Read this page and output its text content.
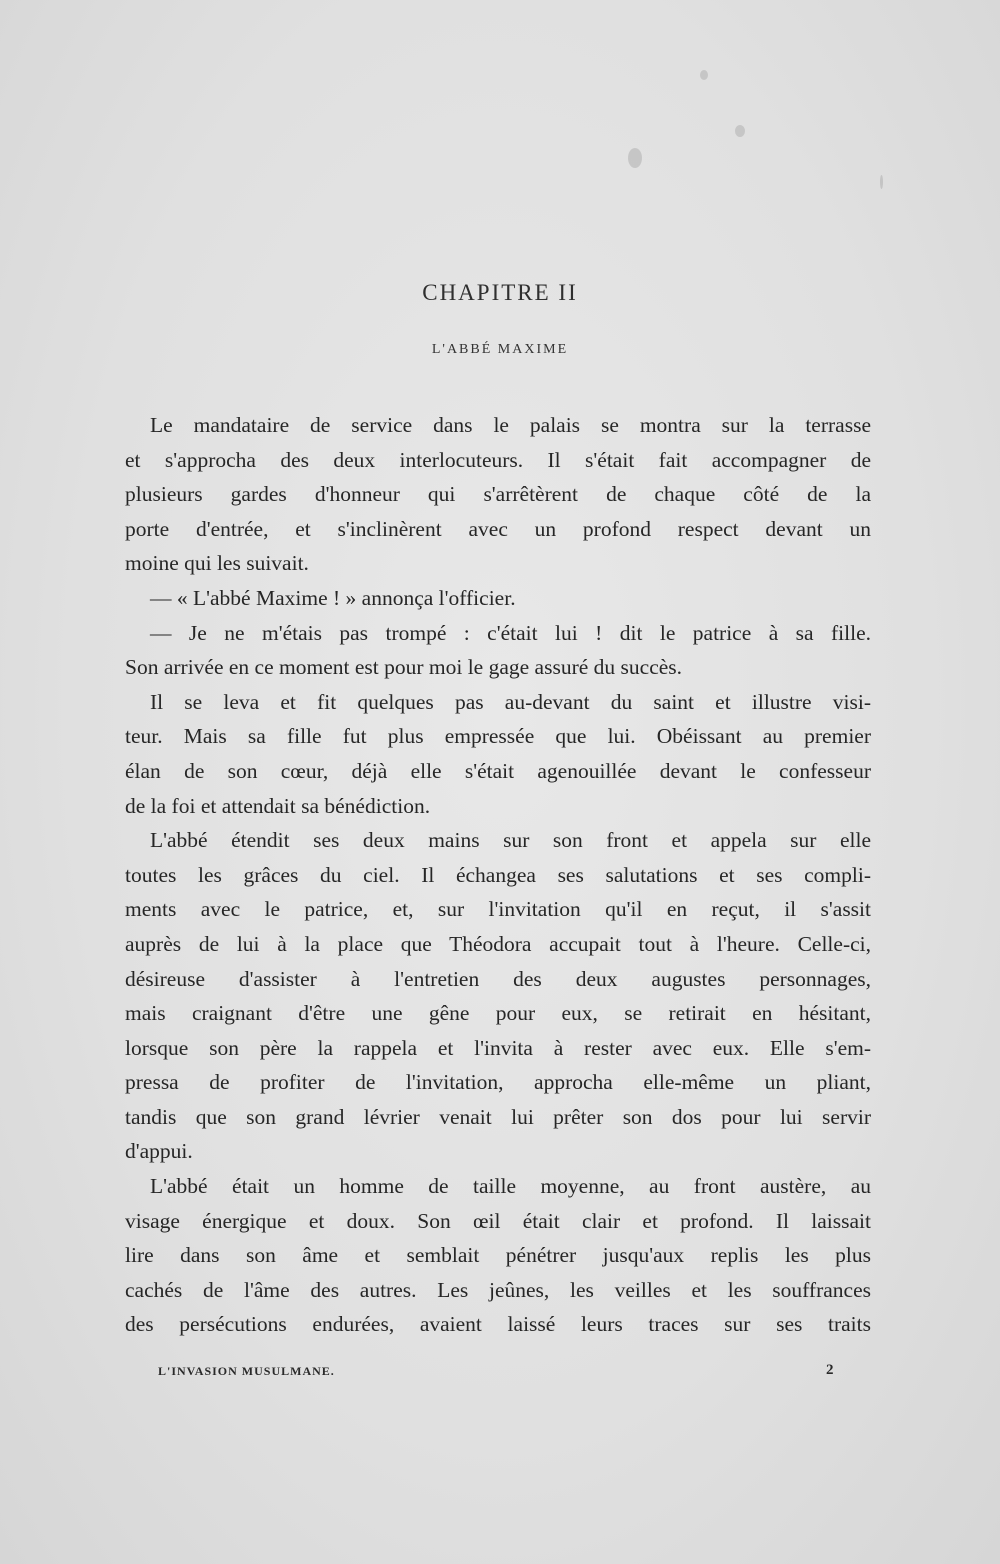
CHAPITRE II
L'ABBÉ MAXIME
Le mandataire de service dans le palais se montra sur la terrasse
et s'approcha des deux interlocuteurs. Il s'était fait accompagner de
plusieurs gardes d'honneur qui s'arrêtèrent de chaque côté de la
porte d'entrée, et s'inclinèrent avec un profond respect devant un
moine qui les suivait.
— « L'abbé Maxime ! » annonça l'officier.
— Je ne m'étais pas trompé : c'était lui ! dit le patrice à sa fille.
Son arrivée en ce moment est pour moi le gage assuré du succès.
Il se leva et fit quelques pas au-devant du saint et illustre visi-
teur. Mais sa fille fut plus empressée que lui. Obéissant au premier
élan de son cœur, déjà elle s'était agenouillée devant le confesseur
de la foi et attendait sa bénédiction.
L'abbé étendit ses deux mains sur son front et appela sur elle
toutes les grâces du ciel. Il échangea ses salutations et ses compli-
ments avec le patrice, et, sur l'invitation qu'il en reçut, il s'assit
auprès de lui à la place que Théodora accupait tout à l'heure. Celle-ci,
désireuse d'assister à l'entretien des deux augustes personnages,
mais craignant d'être une gêne pour eux, se retirait en hésitant,
lorsque son père la rappela et l'invita à rester avec eux. Elle s'em-
pressa de profiter de l'invitation, approcha elle-même un pliant,
tandis que son grand lévrier venait lui prêter son dos pour lui servir
d'appui.
L'abbé était un homme de taille moyenne, au front austère, au
visage énergique et doux. Son œil était clair et profond. Il laissait
lire dans son âme et semblait pénétrer jusqu'aux replis les plus
cachés de l'âme des autres. Les jeûnes, les veilles et les souffrances
des persécutions endurées, avaient laissé leurs traces sur ses traits
L'INVASION MUSULMANE.	2
